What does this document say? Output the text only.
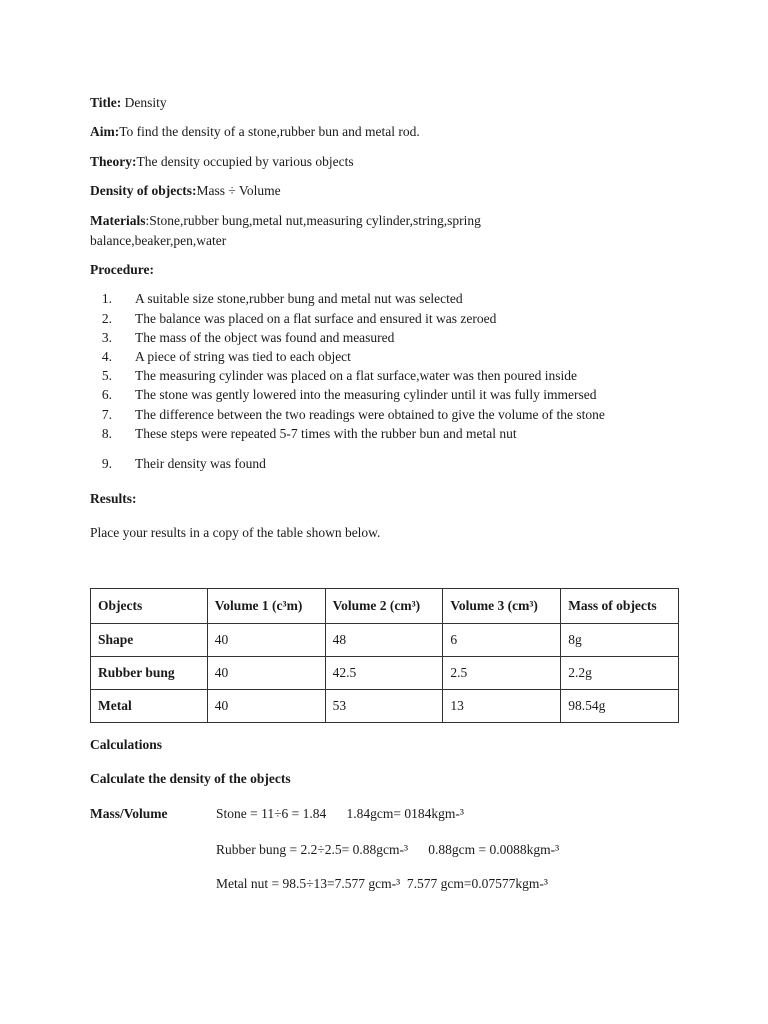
Title: Density
Aim:To find the density of a stone,rubber bun and metal rod.
Theory:The density occupied by various objects
Density of objects:Mass ÷ Volume
Materials:Stone,rubber bung,metal nut,measuring cylinder,string,spring
balance,beaker,pen,water
Procedure:
1. A suitable size stone,rubber bung and metal nut was selected
2. The balance was placed on a flat surface and ensured it was zeroed
3. The mass of the object was found and measured
4. A piece of string was tied to each object
5. The measuring cylinder was placed on a flat surface,water was then poured inside
6. The stone was gently lowered into the measuring cylinder until it was fully immersed
7. The difference between the two readings were obtained to give the volume of the stone
8. These steps were repeated 5-7 times with the rubber bun and metal nut
9. Their density was found
Results:
Place your results in a copy of the table shown below.
Objects	Volume 1 (c³m)	Volume 2 (cm³)	Volume 3 (cm³)	Mass of objects
Shape	40	48	6	8g
Rubber bung	40	42.5	2.5	2.2g
Metal	40	53	13	98.54g
Calculations
Calculate the density of the objects
Mass/Volume	Stone = 11÷6 = 1.84      1.84gcm= 0184kgm-³
Rubber bung = 2.2÷2.5= 0.88gcm-³      0.88gcm = 0.0088kgm-³
Metal nut = 98.5÷13=7.577 gcm-³  7.577 gcm=0.07577kgm-³
